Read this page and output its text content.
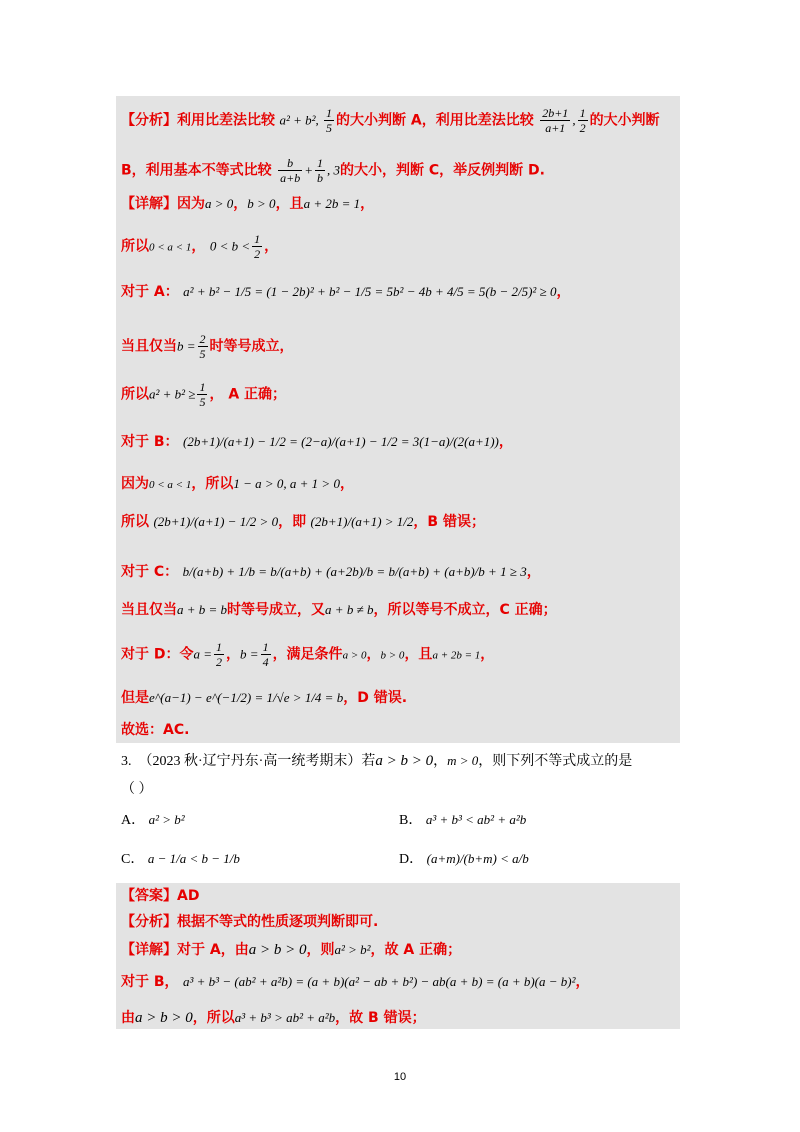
【分析】利用比差法比较 a² + b², $\frac{1}{5}$ 的大小判断 A，利用比差法比较 $\frac{2b+1}{a+1}$ , $\frac{1}{2}$ 的大小判断
B，利用基本不等式比较 $\frac{b}{a+b} + \frac{1}{b}$ , 3的大小，判断 C，举反例判断 D.
【详解】因为a > 0，b > 0，且a + 2b = 1，
所以0 < a < 1， $0 < b < \frac{1}{2}$ ，
对于 A： a² + b² − 1/5 = (1 − 2b)² + b² − 1/5 = 5b² − 4b + 4/5 = 5(b − 2/5)² ≥ 0，
当且仅当$b = \frac{2}{5}$ 时等号成立，
所以$a^2 + b^2 \ge \frac{1}{5}$ ， A 正确；
对于 B： (2b+1)/(a+1) − 1/2 = (2−a)/(a+1) − 1/2 = 3(1−a)/(2(a+1))，
因为0 < a < 1，所以1 − a > 0, a + 1 > 0，
所以 (2b+1)/(a+1) − 1/2 > 0，即 (2b+1)/(a+1) > 1/2，B 错误；
对于 C： b/(a+b) + 1/b = b/(a+b) + (a+2b)/b = b/(a+b) + (a+b)/b + 1 ≥ 3，
当且仅当a + b = b时等号成立，又a + b ≠ b，所以等号不成立，C 正确；
对于 D：令$a = \frac{1}{2}$ ，$b = \frac{1}{4}$ ，满足条件a > 0，b > 0，且a + 2b = 1，
但是e^(a−1) − e^(−1/2) = 1/√e > 1/4 = b，D 错误.
故选：AC.
3. （2023 秋·辽宁丹东·高一统考期末）若a > b > 0，m > 0，则下列不等式成立的是
（ ）
A． a² > b²	B． a³ + b³ < ab² + a²b
C． a − 1/a < b − 1/b	D． (a+m)/(b+m) < a/b
【答案】AD
【分析】根据不等式的性质逐项判断即可.
【详解】对于 A，由a > b > 0，则a² > b²，故 A 正确；
对于 B， a³ + b³ − (ab² + a²b) = (a + b)(a² − ab + b²) − ab(a + b) = (a + b)(a − b)²，
由a > b > 0，所以a³ + b³ > ab² + a²b，故 B 错误；
10
